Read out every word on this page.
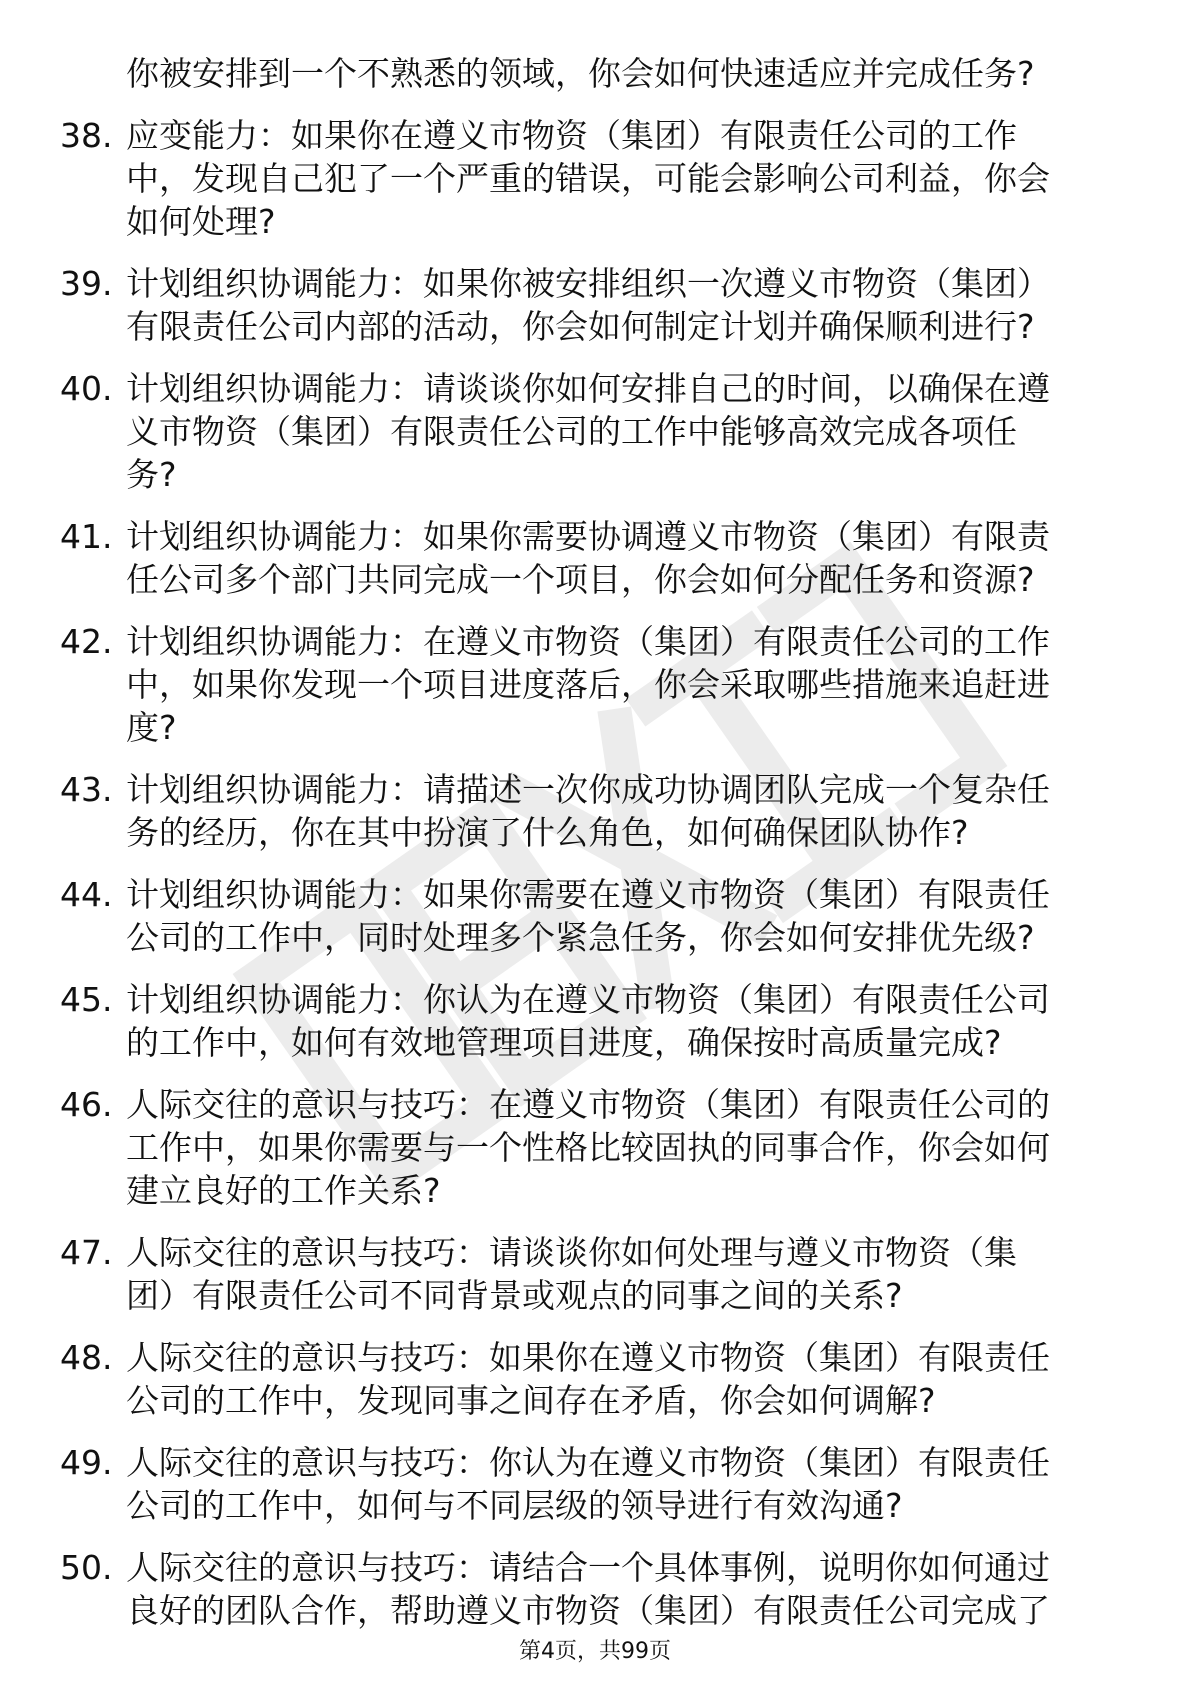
你被安排到一个不熟悉的领域，你会如何快速适应并完成任务?
38. 应变能力：如果你在遵义市物资（集团）有限责任公司的工作
中，发现自己犯了一个严重的错误，可能会影响公司利益，你会
如何处理?
39. 计划组织协调能力：如果你被安排组织一次遵义市物资（集团）
有限责任公司内部的活动，你会如何制定计划并确保顺利进行?
40. 计划组织协调能力：请谈谈你如何安排自己的时间，以确保在遵
义市物资（集团）有限责任公司的工作中能够高效完成各项任
务?
41. 计划组织协调能力：如果你需要协调遵义市物资（集团）有限责
任公司多个部门共同完成一个项目，你会如何分配任务和资源?
42. 计划组织协调能力：在遵义市物资（集团）有限责任公司的工作
中，如果你发现一个项目进度落后，你会采取哪些措施来追赶进
度?
43. 计划组织协调能力：请描述一次你成功协调团队完成一个复杂任
务的经历，你在其中扮演了什么角色，如何确保团队协作?
44. 计划组织协调能力：如果你需要在遵义市物资（集团）有限责任
公司的工作中，同时处理多个紧急任务，你会如何安排优先级?
45. 计划组织协调能力：你认为在遵义市物资（集团）有限责任公司
的工作中，如何有效地管理项目进度，确保按时高质量完成?
46. 人际交往的意识与技巧：在遵义市物资（集团）有限责任公司的
工作中，如果你需要与一个性格比较固执的同事合作，你会如何
建立良好的工作关系?
47. 人际交往的意识与技巧：请谈谈你如何处理与遵义市物资（集
团）有限责任公司不同背景或观点的同事之间的关系?
48. 人际交往的意识与技巧：如果你在遵义市物资（集团）有限责任
公司的工作中，发现同事之间存在矛盾，你会如何调解?
49. 人际交往的意识与技巧：你认为在遵义市物资（集团）有限责任
公司的工作中，如何与不同层级的领导进行有效沟通?
50. 人际交往的意识与技巧：请结合一个具体事例，说明你如何通过
良好的团队合作，帮助遵义市物资（集团）有限责任公司完成了
第4页，共99页
